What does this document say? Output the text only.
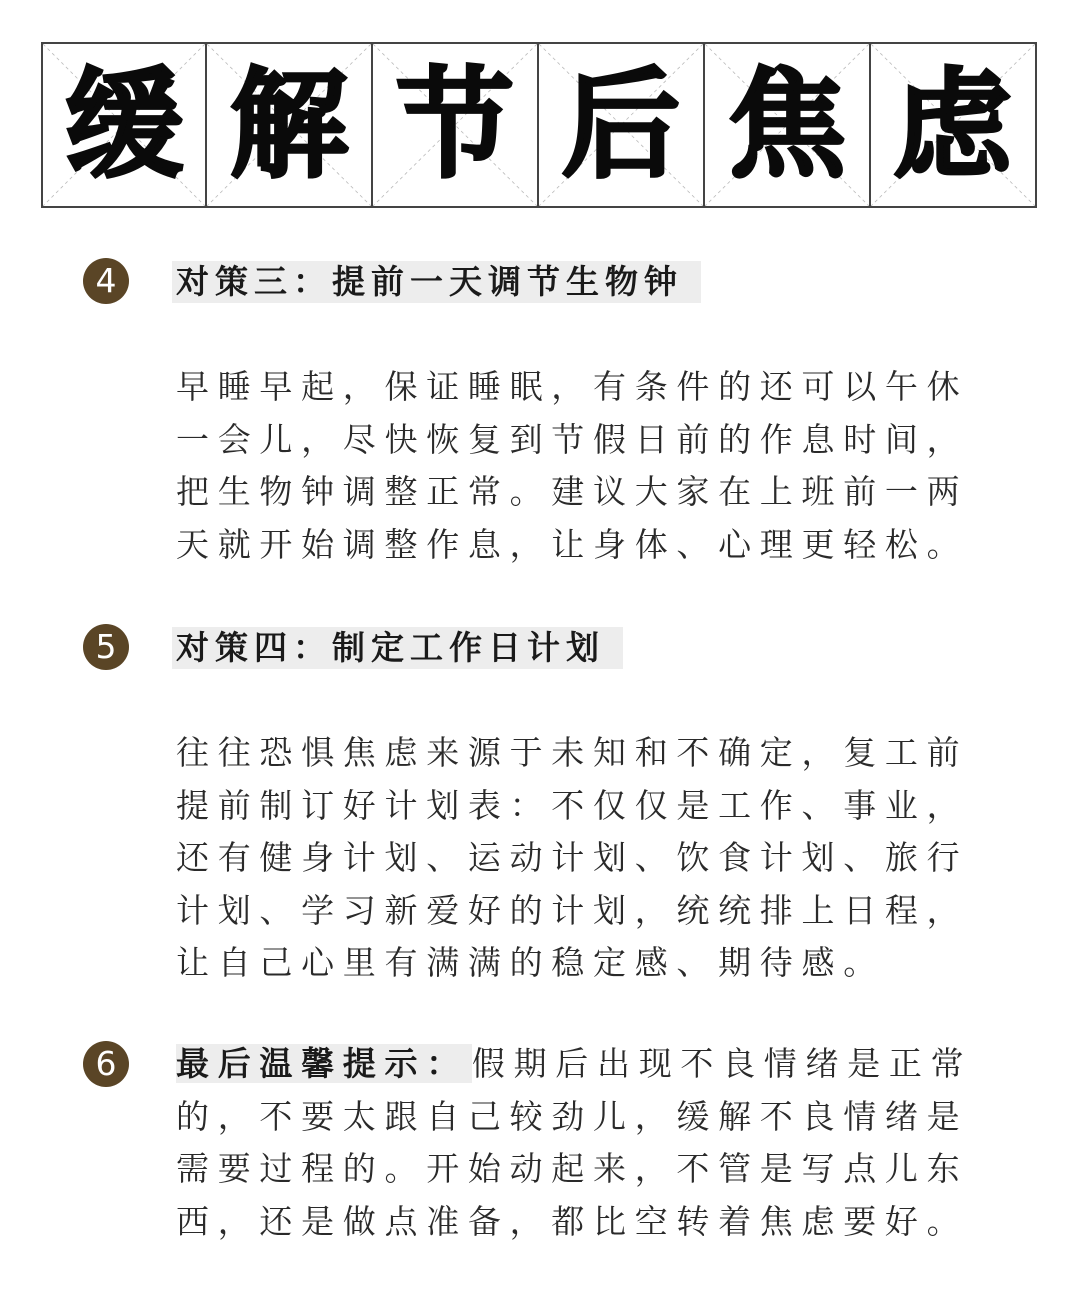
缓 解 节 后 焦 虑
4	对策三：提前一天调节生物钟

早睡早起，保证睡眠，有条件的还可以午休
一会儿，尽快恢复到节假日前的作息时间，
把生物钟调整正常。建议大家在上班前一两
天就开始调整作息，让身体、心理更轻松。

5	对策四：制定工作日计划

往往恐惧焦虑来源于未知和不确定，复工前
提前制订好计划表：不仅仅是工作、事业，
还有健身计划、运动计划、饮食计划、旅行
计划、学习新爱好的计划，统统排上日程，
让自己心里有满满的稳定感、期待感。

6	最后温馨提示： 假期后出现不良情绪是正常
的，不要太跟自己较劲儿，缓解不良情绪是
需要过程的。开始动起来，不管是写点儿东
西，还是做点准备，都比空转着焦虑要好。
